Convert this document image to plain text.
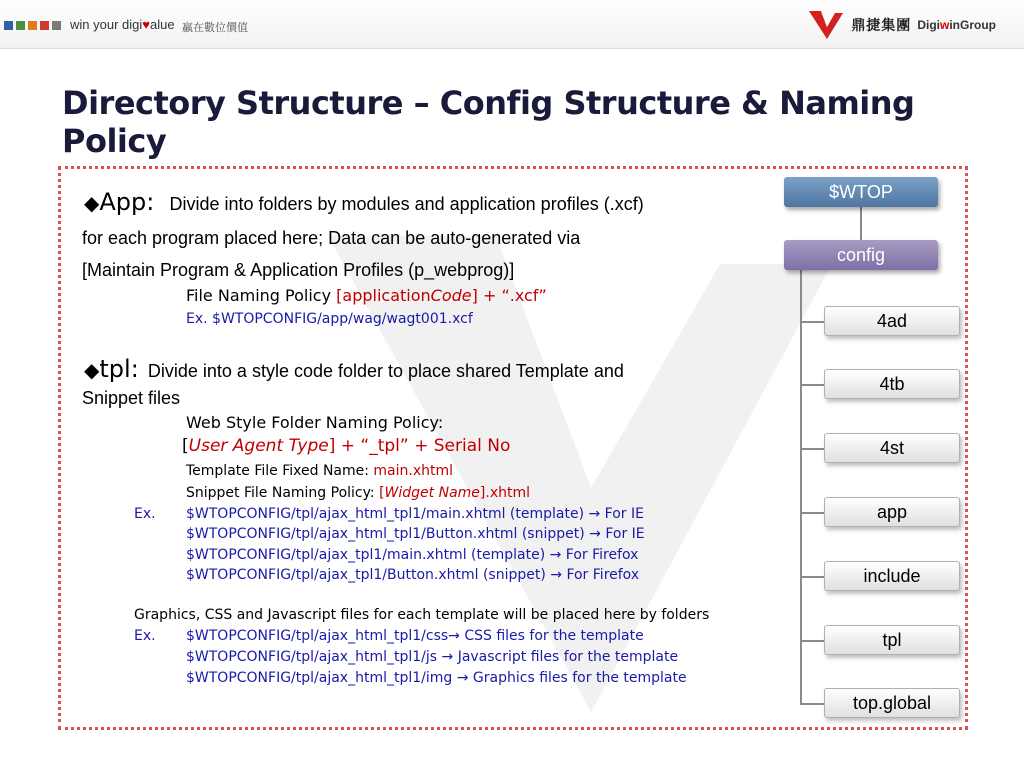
win your digi♥alue 贏在數位價值	鼎捷集團 DigiwinGroup
Directory Structure – Config Structure & Naming Policy
◆App: Divide into folders by modules and application profiles (.xcf)
for each program placed here; Data can be auto-generated via
[Maintain Program & Application Profiles (p_webprog)]
File Naming Policy [applicationCode] + “.xcf”
Ex. $WTOPCONFIG/app/wag/wagt001.xcf
◆tpl: Divide into a style code folder to place shared Template and
Snippet files
Web Style Folder Naming Policy:
[User Agent Type] + “_tpl” + Serial No
Template File Fixed Name: main.xhtml
Snippet File Naming Policy: [Widget Name].xhtml
Ex. $WTOPCONFIG/tpl/ajax_html_tpl1/main.xhtml (template) → For IE
$WTOPCONFIG/tpl/ajax_html_tpl1/Button.xhtml (snippet) → For IE
$WTOPCONFIG/tpl/ajax_tpl1/main.xhtml (template) → For Firefox
$WTOPCONFIG/tpl/ajax_tpl1/Button.xhtml (snippet) → For Firefox
Graphics, CSS and Javascript files for each template will be placed here by folders
Ex. $WTOPCONFIG/tpl/ajax_html_tpl1/css→ CSS files for the template
$WTOPCONFIG/tpl/ajax_html_tpl1/js → Javascript files for the template
$WTOPCONFIG/tpl/ajax_html_tpl1/img → Graphics files for the template
$WTOP
config
4ad
4tb
4st
app
include
tpl
top.global
